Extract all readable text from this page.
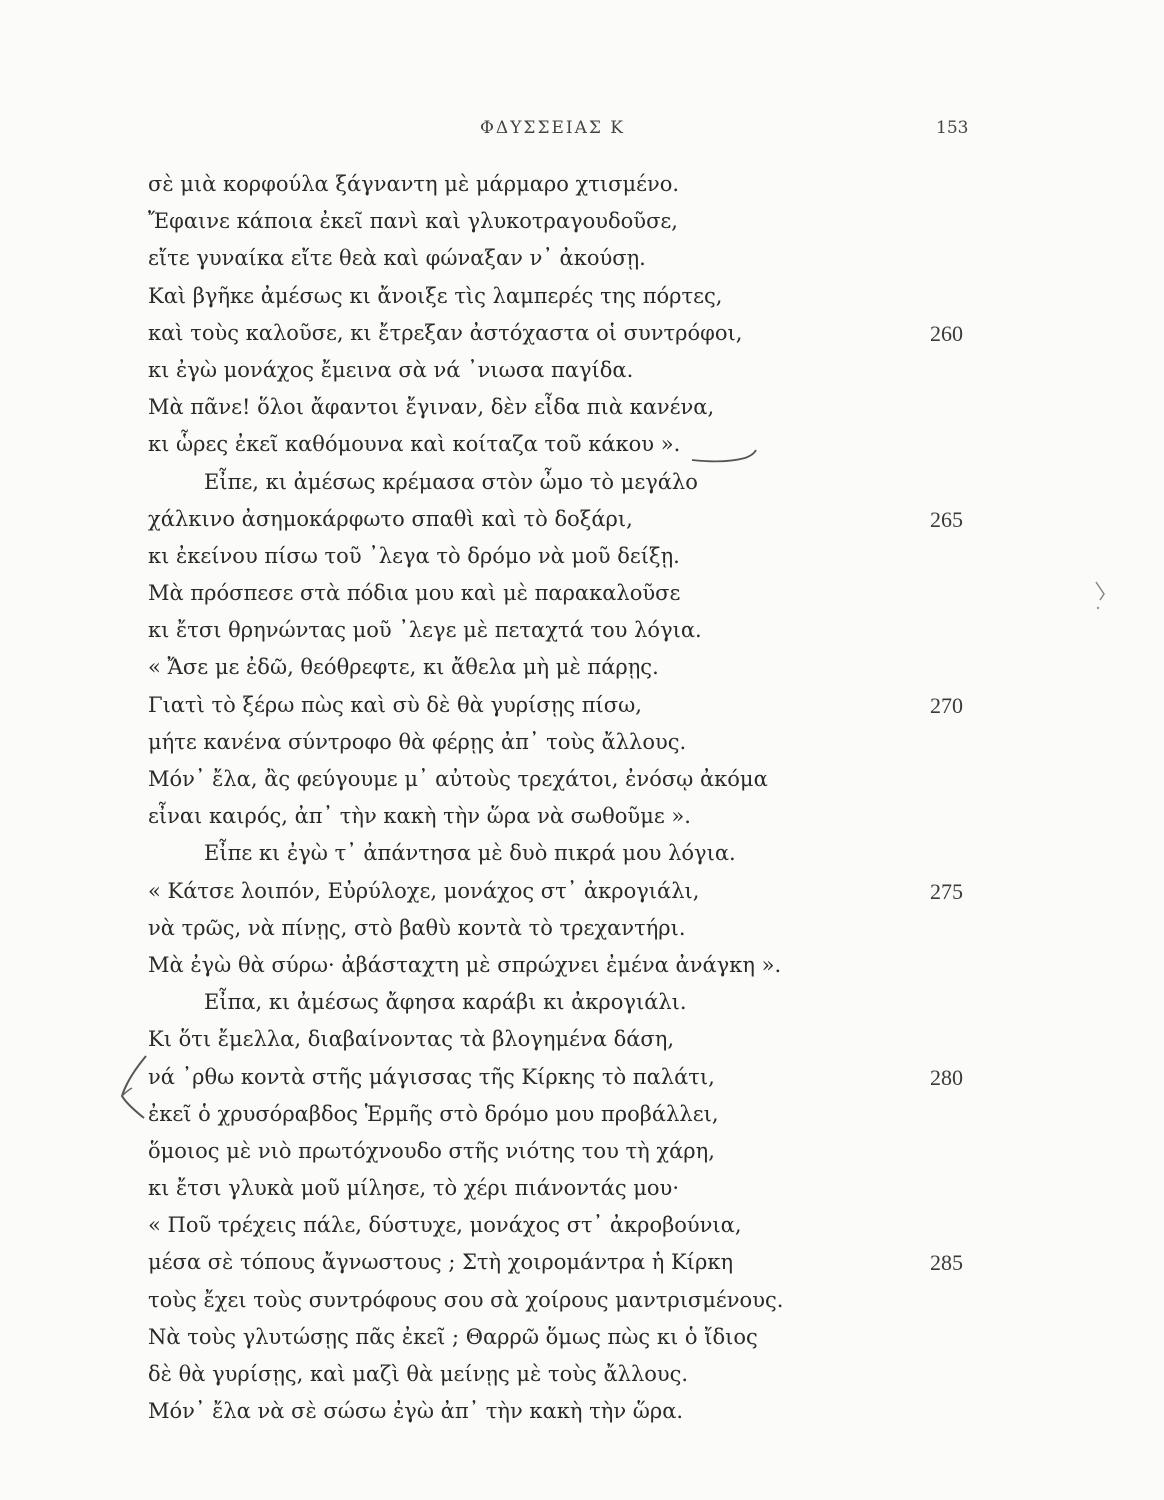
ΦΔΥΣΣΕΙΑΣ Κ	153
σὲ μιὰ κορφούλα ξάγναντη μὲ μάρμαρο χτισμένο.
Ἔφαινε κάποια ἐκεῖ πανὶ καὶ γλυκοτραγουδοῦσε,
εἴτε γυναίκα εἴτε θεὰ καὶ φώναξαν ν᾽ ἀκούσῃ.
Καὶ βγῆκε ἀμέσως κι ἄνοιξε τὶς λαμπερές της πόρτες,
καὶ τοὺς καλοῦσε, κι ἔτρεξαν ἀστόχαστα οἱ συντρόφοι,	260
κι ἐγὼ μονάχος ἔμεινα σὰ νά ᾽νιωσα παγίδα.
Μὰ πᾶνε! ὅλοι ἄφαντοι ἔγιναν, δὲν εἶδα πιὰ κανένα,
κι ὧρες ἐκεῖ καθόμουνα καὶ κοίταζα τοῦ κάκου ».
Εἶπε, κι ἀμέσως κρέμασα στὸν ὦμο τὸ μεγάλο
χάλκινο ἀσημοκάρφωτο σπαθὶ καὶ τὸ δοξάρι,	265
κι ἐκείνου πίσω τοῦ ᾽λεγα τὸ δρόμο νὰ μοῦ δείξῃ.
Μὰ πρόσπεσε στὰ πόδια μου καὶ μὲ παρακαλοῦσε
κι ἔτσι θρηνώντας μοῦ ᾽λεγε μὲ πεταχτά του λόγια.
« Ἄσε με ἐδῶ, θεόθρεφτε, κι ἄθελα μὴ μὲ πάρῃς.
Γιατὶ τὸ ξέρω πὼς καὶ σὺ δὲ θὰ γυρίσῃς πίσω,	270
μήτε κανένα σύντροφο θὰ φέρῃς ἀπ᾽ τοὺς ἄλλους.
Μόν᾽ ἔλα, ἂς φεύγουμε μ᾽ αὐτοὺς τρεχάτοι, ἐνόσῳ ἀκόμα
εἶναι καιρός, ἀπ᾽ τὴν κακὴ τὴν ὥρα νὰ σωθοῦμε ».
Εἶπε κι ἐγὼ τ᾽ ἀπάντησα μὲ δυὸ πικρά μου λόγια.
« Κάτσε λοιπόν, Εὐρύλοχε, μονάχος στ᾽ ἀκρογιάλι,	275
νὰ τρῶς, νὰ πίνῃς, στὸ βαθὺ κοντὰ τὸ τρεχαντήρι.
Μὰ ἐγὼ θὰ σύρω· ἀβάσταχτη μὲ σπρώχνει ἐμένα ἀνάγκη ».
Εἶπα, κι ἀμέσως ἄφησα καράβι κι ἀκρογιάλι.
Κι ὅτι ἔμελλα, διαβαίνοντας τὰ βλογημένα δάση,
νά ᾽ρθω κοντὰ στῆς μάγισσας τῆς Κίρκης τὸ παλάτι,	280
ἐκεῖ ὁ χρυσόραβδος Ἑρμῆς στὸ δρόμο μου προβάλλει,
ὅμοιος μὲ νιὸ πρωτόχνουδο στῆς νιότης του τὴ χάρη,
κι ἔτσι γλυκὰ μοῦ μίλησε, τὸ χέρι πιάνοντάς μου·
« Ποῦ τρέχεις πάλε, δύστυχε, μονάχος στ᾽ ἀκροβούνια,
μέσα σὲ τόπους ἄγνωστους ; Στὴ χοιρομάντρα ἡ Κίρκη	285
τοὺς ἔχει τοὺς συντρόφους σου σὰ χοίρους μαντρισμένους.
Νὰ τοὺς γλυτώσῃς πᾶς ἐκεῖ ; Θαρρῶ ὅμως πὼς κι ὁ ἴδιος
δὲ θὰ γυρίσῃς, καὶ μαζὶ θὰ μείνῃς μὲ τοὺς ἄλλους.
Μόν᾽ ἔλα νὰ σὲ σώσω ἐγὼ ἀπ᾽ τὴν κακὴ τὴν ὥρα.
